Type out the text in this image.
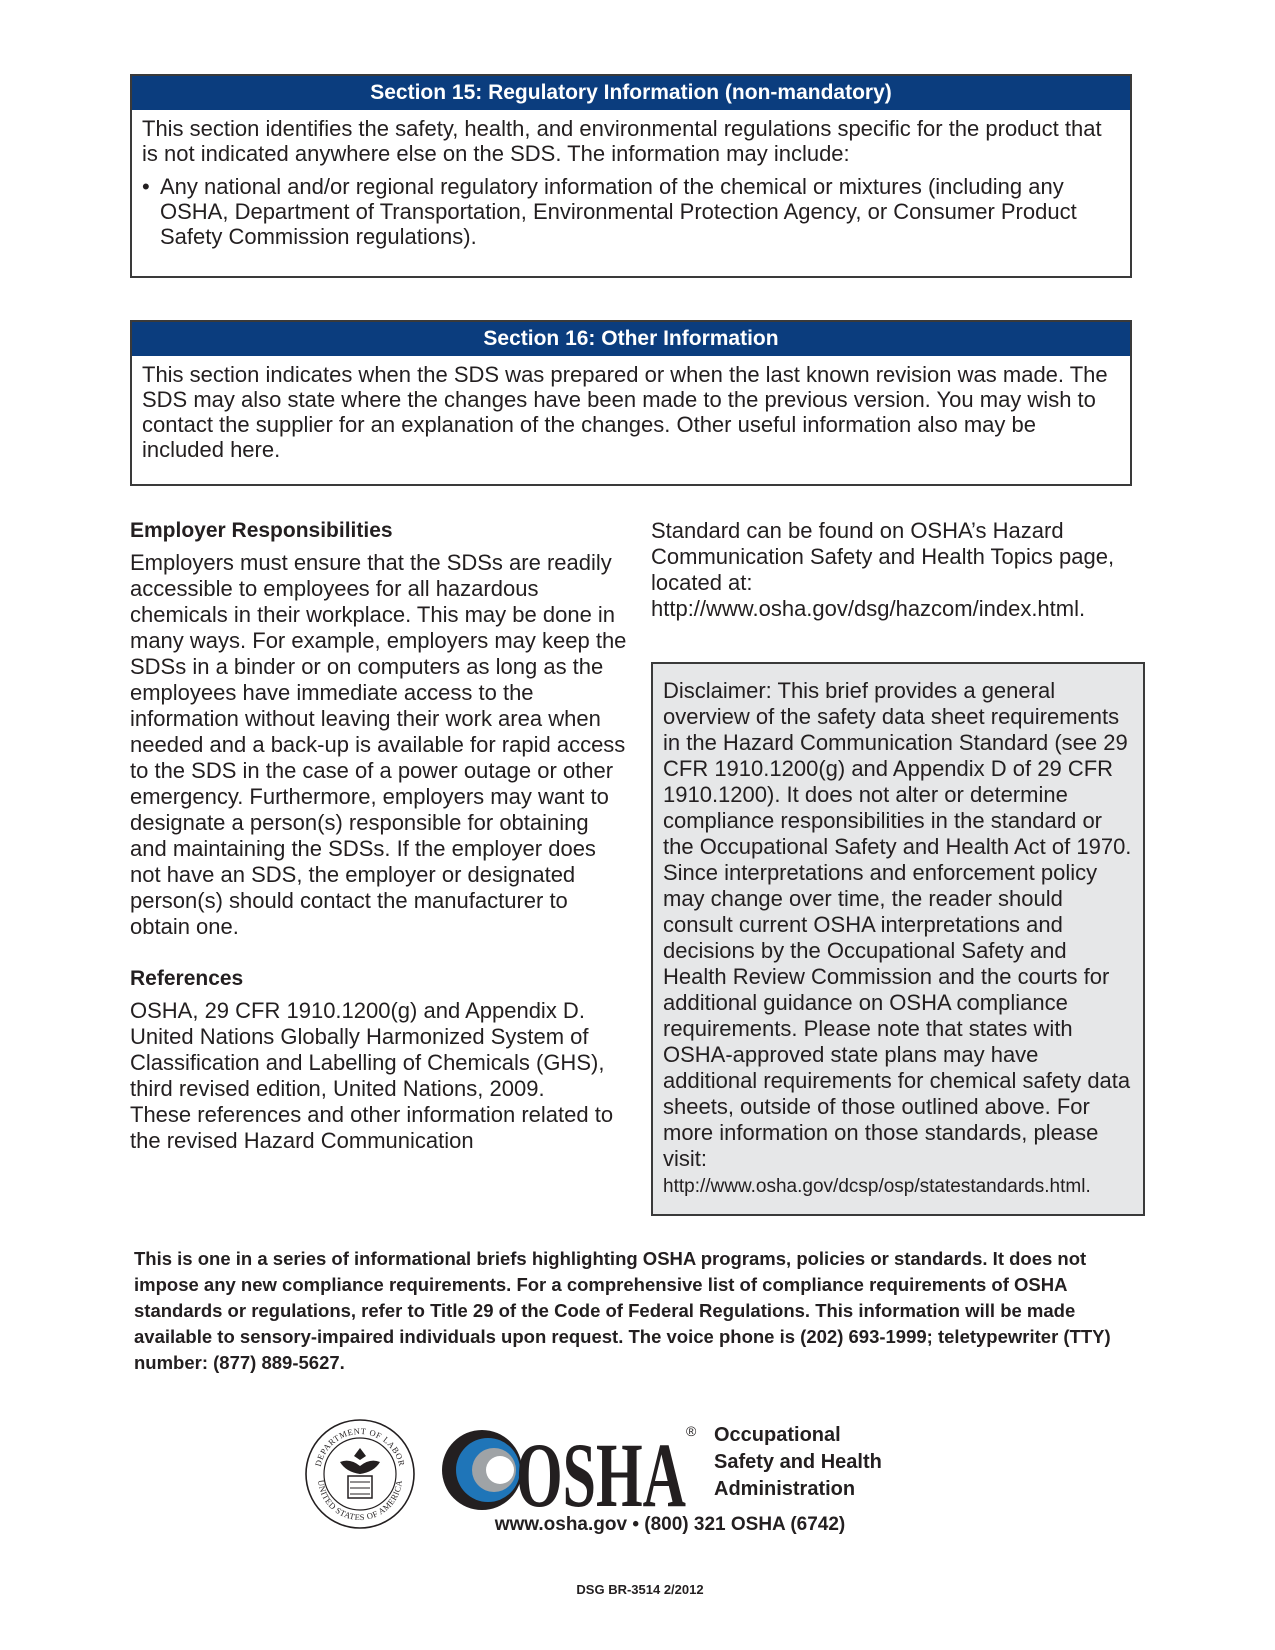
Section 15: Regulatory Information (non-mandatory)

This section identifies the safety, health, and environmental regulations specific for the product that is not indicated anywhere else on the SDS. The information may include:

• Any national and/or regional regulatory information of the chemical or mixtures (including any OSHA, Department of Transportation, Environmental Protection Agency, or Consumer Product Safety Commission regulations).
Section 16: Other Information

This section indicates when the SDS was prepared or when the last known revision was made. The SDS may also state where the changes have been made to the previous version. You may wish to contact the supplier for an explanation of the changes. Other useful information also may be included here.

Employer Responsibilities

Employers must ensure that the SDSs are readily accessible to employees for all hazardous chemicals in their workplace. This may be done in many ways. For example, employers may keep the SDSs in a binder or on computers as long as the employees have immediate access to the information without leaving their work area when needed and a back-up is available for rapid access to the SDS in the case of a power outage or other emergency. Furthermore, employers may want to designate a person(s) responsible for obtaining and maintaining the SDSs. If the employer does not have an SDS, the employer or designated person(s) should contact the manufacturer to obtain one.

References

OSHA, 29 CFR 1910.1200(g) and Appendix D.

United Nations Globally Harmonized System of Classification and Labelling of Chemicals (GHS), third revised edition, United Nations, 2009.

These references and other information related to the revised Hazard Communication

Standard can be found on OSHA’s Hazard Communication Safety and Health Topics page, located at:
http://www.osha.gov/dsg/hazcom/index.html.
Disclaimer: This brief provides a general overview of the safety data sheet requirements in the Hazard Communication Standard (see 29 CFR 1910.1200(g) and Appendix D of 29 CFR 1910.1200). It does not alter or determine compliance responsibilities in the standard or the Occupational Safety and Health Act of 1970. Since interpretations and enforcement policy may change over time, the reader should consult current OSHA interpretations and decisions by the Occupational Safety and Health Review Commission and the courts for additional guidance on OSHA compliance requirements. Please note that states with OSHA-approved state plans may have additional requirements for chemical safety data sheets, outside of those outlined above. For more information on those standards, please visit:
http://www.osha.gov/dcsp/osp/statestandards.html.
This is one in a series of informational briefs highlighting OSHA programs, policies or standards. It does not impose any new compliance requirements. For a comprehensive list of compliance requirements of OSHA standards or regulations, refer to Title 29 of the Code of Federal Regulations. This information will be made available to sensory-impaired individuals upon request. The voice phone is (202) 693-1999; teletypewriter (TTY) number: (877) 889-5627.
DEPARTMENT OF LABOR
UNITED STATES OF AMERICA OSHA ® Occupational
Safety and Health
Administration
www.osha.gov • (800) 321 OSHA (6742)
DSG BR-3514 2/2012
